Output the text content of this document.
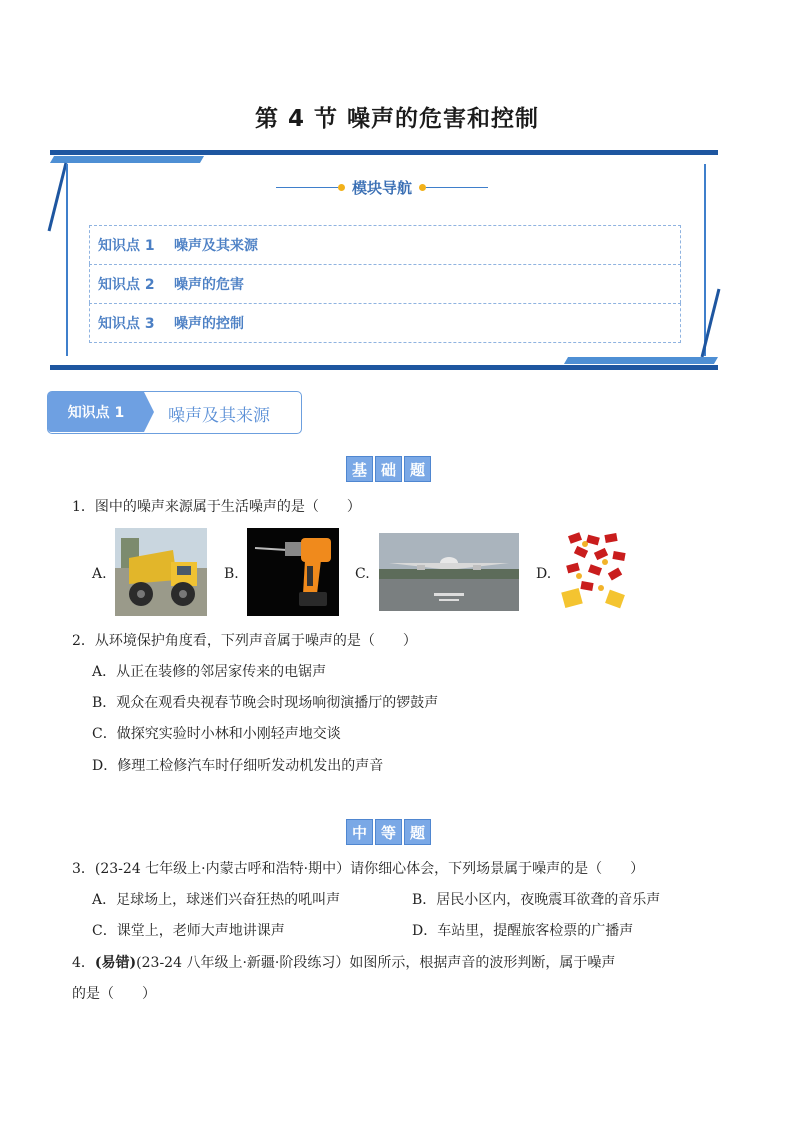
第 4 节 噪声的危害和控制
模块导航
知识点 1	噪声及其来源
知识点 2	噪声的危害
知识点 3	噪声的控制
知识点 1	噪声及其来源
基 础 题
1．图中的噪声来源属于生活噪声的是（　　）
A.	B.	C.	D.
2．从环境保护角度看，下列声音属于噪声的是（　　）
A．从正在装修的邻居家传来的电锯声
B．观众在观看央视春节晚会时现场响彻演播厅的锣鼓声
C．做探究实验时小林和小刚轻声地交谈
D．修理工检修汽车时仔细听发动机发出的声音
中 等 题
3．(23-24 七年级上·内蒙古呼和浩特·期中）请你细心体会，下列场景属于噪声的是（　　）
A．足球场上，球迷们兴奋狂热的吼叫声	B．居民小区内，夜晚震耳欲聋的音乐声
C．课堂上，老师大声地讲课声	D．车站里，提醒旅客检票的广播声
4．(易错)(23-24 八年级上·新疆·阶段练习）如图所示，根据声音的波形判断，属于噪声
的是（　　）
